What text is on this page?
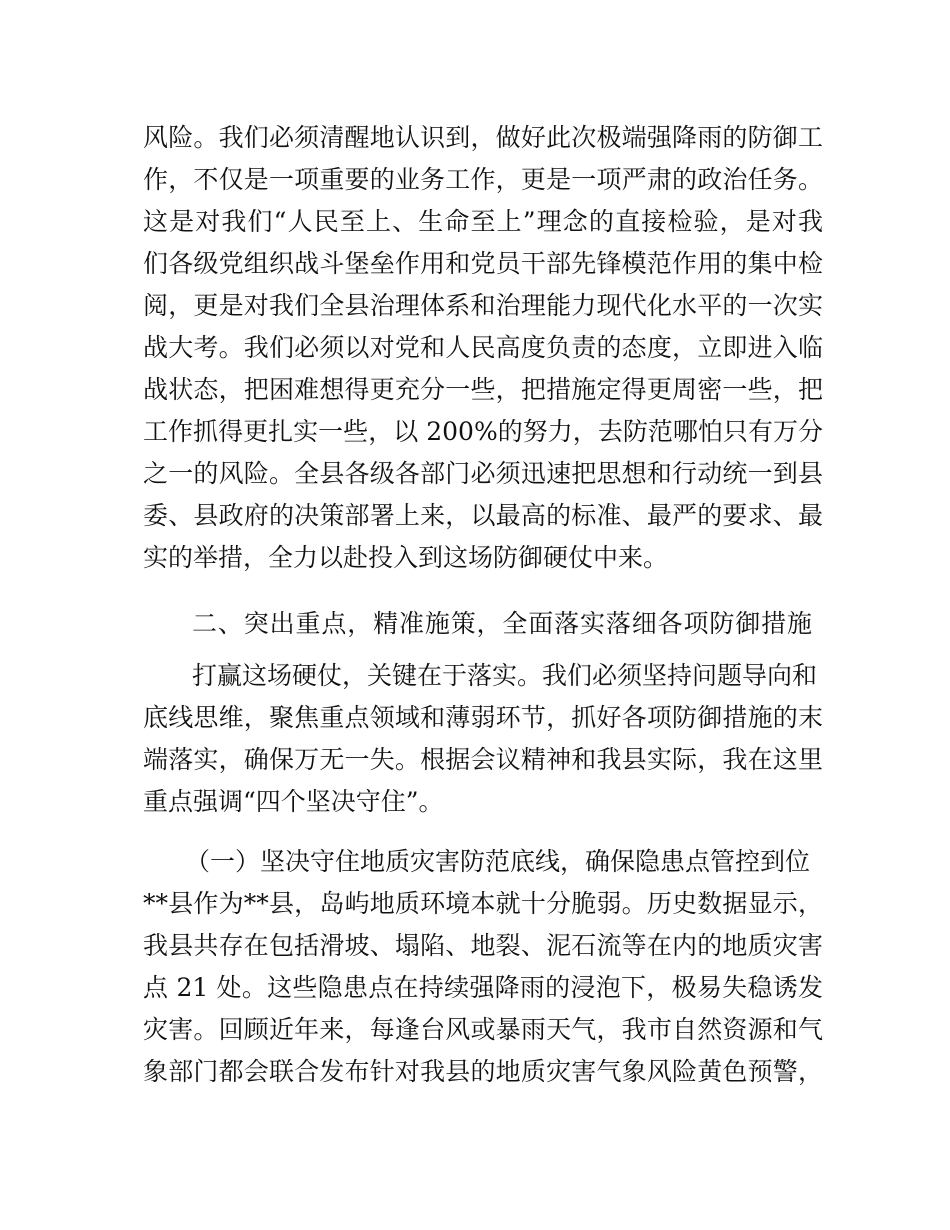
风险。我们必须清醒地认识到，做好此次极端强降雨的防御工
作，不仅是一项重要的业务工作，更是一项严肃的政治任务。
这是对我们“人民至上、生命至上”理念的直接检验，是对我
们各级党组织战斗堡垒作用和党员干部先锋模范作用的集中检
阅，更是对我们全县治理体系和治理能力现代化水平的一次实
战大考。我们必须以对党和人民高度负责的态度，立即进入临
战状态，把困难想得更充分一些，把措施定得更周密一些，把
工作抓得更扎实一些，以 200%的努力，去防范哪怕只有万分
之一的风险。全县各级各部门必须迅速把思想和行动统一到县
委、县政府的决策部署上来，以最高的标准、最严的要求、最
实的举措，全力以赴投入到这场防御硬仗中来。
二、突出重点，精准施策，全面落实落细各项防御措施
打赢这场硬仗，关键在于落实。我们必须坚持问题导向和
底线思维，聚焦重点领域和薄弱环节，抓好各项防御措施的末
端落实，确保万无一失。根据会议精神和我县实际，我在这里
重点强调“四个坚决守住”。
（一）坚决守住地质灾害防范底线，确保隐患点管控到位
**县作为**县，岛屿地质环境本就十分脆弱。历史数据显示，
我县共存在包括滑坡、塌陷、地裂、泥石流等在内的地质灾害
点 21 处。这些隐患点在持续强降雨的浸泡下，极易失稳诱发
灾害。回顾近年来，每逢台风或暴雨天气，我市自然资源和气
象部门都会联合发布针对我县的地质灾害气象风险黄色预警，
